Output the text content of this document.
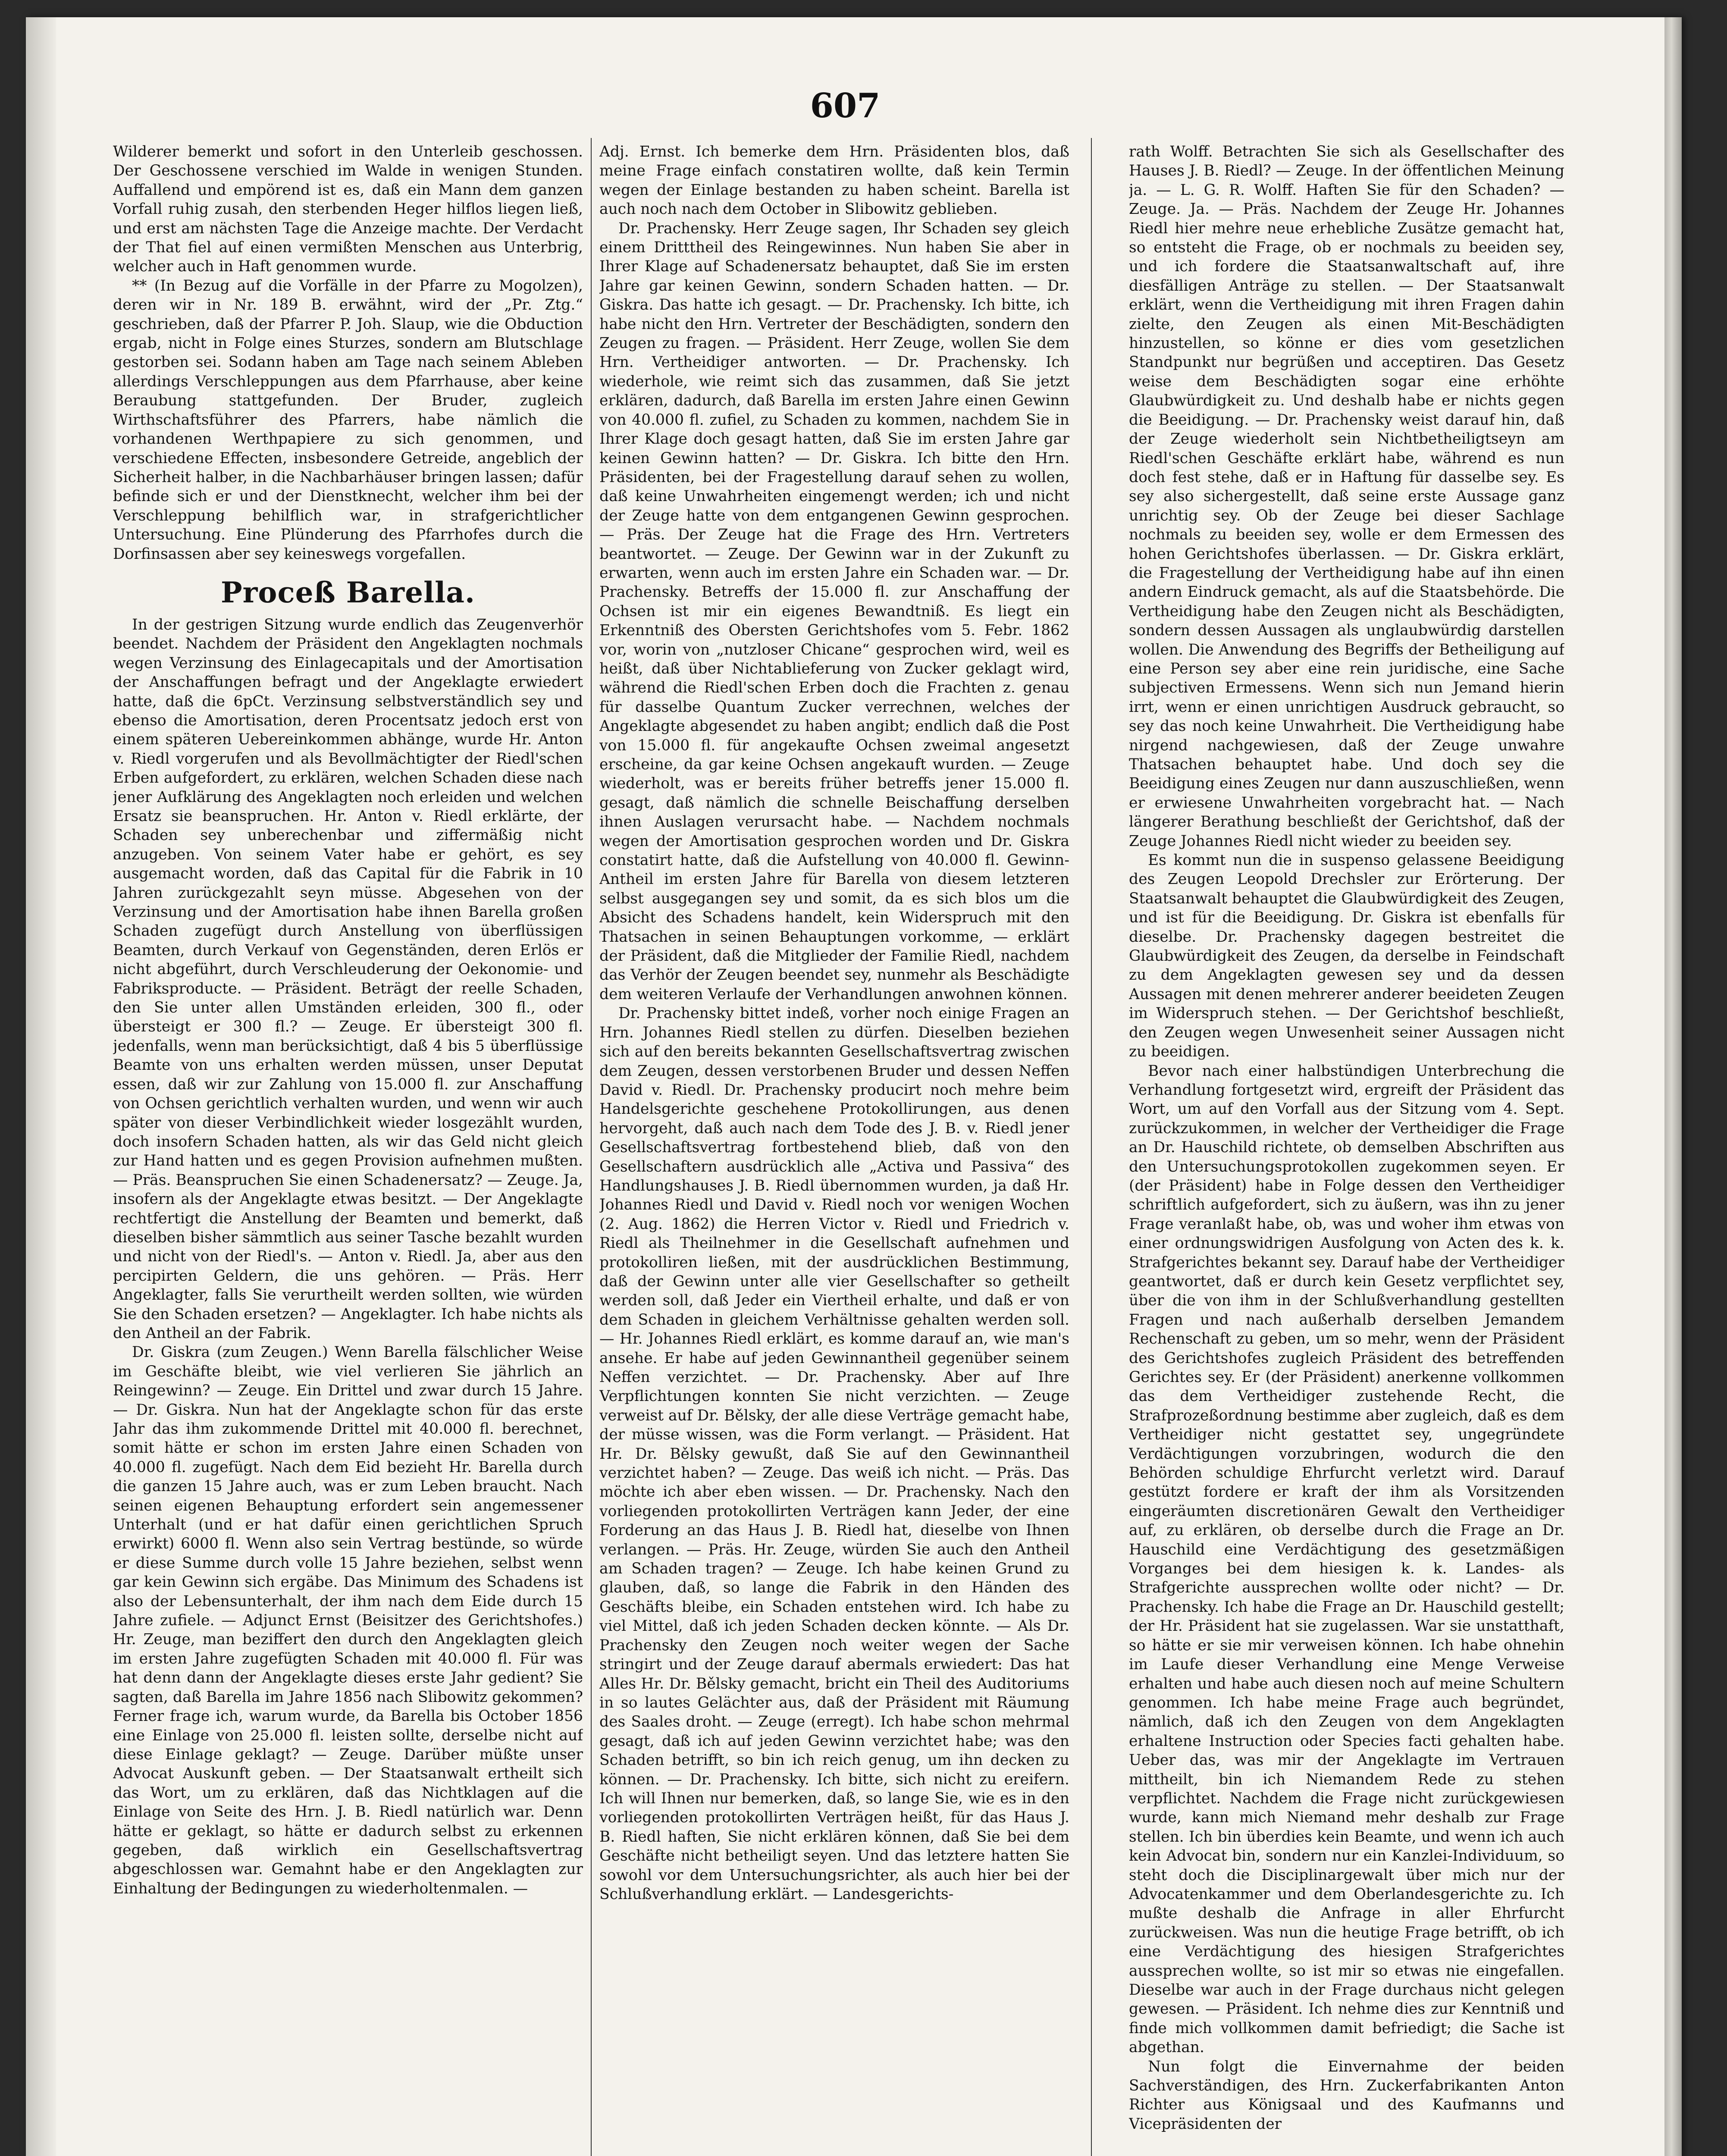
607

Wilderer bemerkt und sofort in den Unterleib geschossen. Der Geschossene verschied im Walde in wenigen Stunden. Auffallend und empörend ist es, daß ein Mann dem ganzen Vorfall ruhig zusah, den sterbenden Heger hilflos liegen ließ, und erst am nächsten Tage die Anzeige machte. Der Verdacht der That fiel auf einen vermißten Menschen aus Unterbrig, welcher auch in Haft genommen wurde.

** (In Bezug auf die Vorfälle in der Pfarre zu Mogolzen), deren wir in Nr. 189 B. erwähnt, wird der „Pr. Ztg.“ geschrieben, daß der Pfarrer P. Joh. Slaup, wie die Obduction ergab, nicht in Folge eines Sturzes, sondern am Blutschlage gestorben sei. Sodann haben am Tage nach seinem Ableben allerdings Verschleppungen aus dem Pfarrhause, aber keine Beraubung stattgefunden. Der Bruder, zugleich Wirthschaftsführer des Pfarrers, habe nämlich die vorhandenen Werthpapiere zu sich genommen, und verschiedene Effecten, insbesondere Getreide, angeblich der Sicherheit halber, in die Nachbarhäuser bringen lassen; dafür befinde sich er und der Dienstknecht, welcher ihm bei der Verschleppung behilflich war, in strafgerichtlicher Untersuchung. Eine Plünderung des Pfarrhofes durch die Dorfinsassen aber sey keineswegs vorgefallen.

Proceß Barella.

In der gestrigen Sitzung wurde endlich das Zeugenverhör beendet. Nachdem der Präsident den Angeklagten nochmals wegen Verzinsung des Einlagecapitals und der Amortisation der Anschaffungen befragt und der Angeklagte erwiedert hatte, daß die 6pCt. Verzinsung selbstverständlich sey und ebenso die Amortisation, deren Procentsatz jedoch erst von einem späteren Uebereinkommen abhänge, wurde Hr. Anton v. Riedl vorgerufen und als Bevollmächtigter der Riedl'schen Erben aufgefordert, zu erklären, welchen Schaden diese nach jener Aufklärung des Angeklagten noch erleiden und welchen Ersatz sie beanspruchen. Hr. Anton v. Riedl erklärte, der Schaden sey unberechenbar und ziffermäßig nicht anzugeben. Von seinem Vater habe er gehört, es sey ausgemacht worden, daß das Capital für die Fabrik in 10 Jahren zurückgezahlt seyn müsse. Abgesehen von der Verzinsung und der Amortisation habe ihnen Barella großen Schaden zugefügt durch Anstellung von überflüssigen Beamten, durch Verkauf von Gegenständen, deren Erlös er nicht abgeführt, durch Verschleuderung der Oekonomie- und Fabriksproducte. — Präsident. Beträgt der reelle Schaden, den Sie unter allen Umständen erleiden, 300 fl., oder übersteigt er 300 fl.? — Zeuge. Er übersteigt 300 fl. jedenfalls, wenn man berücksichtigt, daß 4 bis 5 überflüssige Beamte von uns erhalten werden müssen, unser Deputat essen, daß wir zur Zahlung von 15.000 fl. zur Anschaffung von Ochsen gerichtlich verhalten wurden, und wenn wir auch später von dieser Verbindlichkeit wieder losgezählt wurden, doch insofern Schaden hatten, als wir das Geld nicht gleich zur Hand hatten und es gegen Provision aufnehmen mußten. — Präs. Beanspruchen Sie einen Schadenersatz? — Zeuge. Ja, insofern als der Angeklagte etwas besitzt. — Der Angeklagte rechtfertigt die Anstellung der Beamten und bemerkt, daß dieselben bisher sämmtlich aus seiner Tasche bezahlt wurden und nicht von der Riedl's. — Anton v. Riedl. Ja, aber aus den percipirten Geldern, die uns gehören. — Präs. Herr Angeklagter, falls Sie verurtheilt werden sollten, wie würden Sie den Schaden ersetzen? — Angeklagter. Ich habe nichts als den Antheil an der Fabrik.

Dr. Giskra (zum Zeugen.) Wenn Barella fälschlicher Weise im Geschäfte bleibt, wie viel verlieren Sie jährlich an Reingewinn? — Zeuge. Ein Drittel und zwar durch 15 Jahre. — Dr. Giskra. Nun hat der Angeklagte schon für das erste Jahr das ihm zukommende Drittel mit 40.000 fl. berechnet, somit hätte er schon im ersten Jahre einen Schaden von 40.000 fl. zugefügt. Nach dem Eid bezieht Hr. Barella durch die ganzen 15 Jahre auch, was er zum Leben braucht. Nach seinen eigenen Behauptung erfordert sein angemessener Unterhalt (und er hat dafür einen gerichtlichen Spruch erwirkt) 6000 fl. Wenn also sein Vertrag bestünde, so würde er diese Summe durch volle 15 Jahre beziehen, selbst wenn gar kein Gewinn sich ergäbe. Das Minimum des Schadens ist also der Lebensunterhalt, der ihm nach dem Eide durch 15 Jahre zufiele. — Adjunct Ernst (Beisitzer des Gerichtshofes.) Hr. Zeuge, man beziffert den durch den Angeklagten gleich im ersten Jahre zugefügten Schaden mit 40.000 fl. Für was hat denn dann der Angeklagte dieses erste Jahr gedient? Sie sagten, daß Barella im Jahre 1856 nach Slibowitz gekommen? Ferner frage ich, warum wurde, da Barella bis October 1856 eine Einlage von 25.000 fl. leisten sollte, derselbe nicht auf diese Einlage geklagt? — Zeuge. Darüber müßte unser Advocat Auskunft geben. — Der Staatsanwalt ertheilt sich das Wort, um zu erklären, daß das Nichtklagen auf die Einlage von Seite des Hrn. J. B. Riedl natürlich war. Denn hätte er geklagt, so hätte er dadurch selbst zu erkennen gegeben, daß wirklich ein Gesellschaftsvertrag abgeschlossen war. Gemahnt habe er den Angeklagten zur Einhaltung der Bedingungen zu wiederholtenmalen. —

Adj. Ernst. Ich bemerke dem Hrn. Präsidenten blos, daß meine Frage einfach constatiren wollte, daß kein Termin wegen der Einlage bestanden zu haben scheint. Barella ist auch noch nach dem October in Slibowitz geblieben.

Dr. Prachensky. Herr Zeuge sagen, Ihr Schaden sey gleich einem Dritttheil des Reingewinnes. Nun haben Sie aber in Ihrer Klage auf Schadenersatz behauptet, daß Sie im ersten Jahre gar keinen Gewinn, sondern Schaden hatten. — Dr. Giskra. Das hatte ich gesagt. — Dr. Prachensky. Ich bitte, ich habe nicht den Hrn. Vertreter der Beschädigten, sondern den Zeugen zu fragen. — Präsident. Herr Zeuge, wollen Sie dem Hrn. Vertheidiger antworten. — Dr. Prachensky. Ich wiederhole, wie reimt sich das zusammen, daß Sie jetzt erklären, dadurch, daß Barella im ersten Jahre einen Gewinn von 40.000 fl. zufiel, zu Schaden zu kommen, nachdem Sie in Ihrer Klage doch gesagt hatten, daß Sie im ersten Jahre gar keinen Gewinn hatten? — Dr. Giskra. Ich bitte den Hrn. Präsidenten, bei der Fragestellung darauf sehen zu wollen, daß keine Unwahrheiten eingemengt werden; ich und nicht der Zeuge hatte von dem entgangenen Gewinn gesprochen. — Präs. Der Zeuge hat die Frage des Hrn. Vertreters beantwortet. — Zeuge. Der Gewinn war in der Zukunft zu erwarten, wenn auch im ersten Jahre ein Schaden war. — Dr. Prachensky. Betreffs der 15.000 fl. zur Anschaffung der Ochsen ist mir ein eigenes Bewandtniß. Es liegt ein Erkenntniß des Obersten Gerichtshofes vom 5. Febr. 1862 vor, worin von „nutzloser Chicane“ gesprochen wird, weil es heißt, daß über Nichtablieferung von Zucker geklagt wird, während die Riedl'schen Erben doch die Frachten z. genau für dasselbe Quantum Zucker verrechnen, welches der Angeklagte abgesendet zu haben angibt; endlich daß die Post von 15.000 fl. für angekaufte Ochsen zweimal angesetzt erscheine, da gar keine Ochsen angekauft wurden. — Zeuge wiederholt, was er bereits früher betreffs jener 15.000 fl. gesagt, daß nämlich die schnelle Beischaffung derselben ihnen Auslagen verursacht habe. — Nachdem nochmals wegen der Amortisation gesprochen worden und Dr. Giskra constatirt hatte, daß die Aufstellung von 40.000 fl. Gewinn-Antheil im ersten Jahre für Barella von diesem letzteren selbst ausgegangen sey und somit, da es sich blos um die Absicht des Schadens handelt, kein Widerspruch mit den Thatsachen in seinen Behauptungen vorkomme, — erklärt der Präsident, daß die Mitglieder der Familie Riedl, nachdem das Verhör der Zeugen beendet sey, nunmehr als Beschädigte dem weiteren Verlaufe der Verhandlungen anwohnen können.

Dr. Prachensky bittet indeß, vorher noch einige Fragen an Hrn. Johannes Riedl stellen zu dürfen. Dieselben beziehen sich auf den bereits bekannten Gesellschaftsvertrag zwischen dem Zeugen, dessen verstorbenen Bruder und dessen Neffen David v. Riedl. Dr. Prachensky producirt noch mehre beim Handelsgerichte geschehene Protokollirungen, aus denen hervorgeht, daß auch nach dem Tode des J. B. v. Riedl jener Gesellschaftsvertrag fortbestehend blieb, daß von den Gesellschaftern ausdrücklich alle „Activa und Passiva“ des Handlungshauses J. B. Riedl übernommen wurden, ja daß Hr. Johannes Riedl und David v. Riedl noch vor wenigen Wochen (2. Aug. 1862) die Herren Victor v. Riedl und Friedrich v. Riedl als Theilnehmer in die Gesellschaft aufnehmen und protokolliren ließen, mit der ausdrücklichen Bestimmung, daß der Gewinn unter alle vier Gesellschafter so getheilt werden soll, daß Jeder ein Viertheil erhalte, und daß er von dem Schaden in gleichem Verhältnisse gehalten werden soll. — Hr. Johannes Riedl erklärt, es komme darauf an, wie man's ansehe. Er habe auf jeden Gewinnantheil gegenüber seinem Neffen verzichtet. — Dr. Prachensky. Aber auf Ihre Verpflichtungen konnten Sie nicht verzichten. — Zeuge verweist auf Dr. Bělsky, der alle diese Verträge gemacht habe, der müsse wissen, was die Form verlangt. — Präsident. Hat Hr. Dr. Bělsky gewußt, daß Sie auf den Gewinnantheil verzichtet haben? — Zeuge. Das weiß ich nicht. — Präs. Das möchte ich aber eben wissen. — Dr. Prachensky. Nach den vorliegenden protokollirten Verträgen kann Jeder, der eine Forderung an das Haus J. B. Riedl hat, dieselbe von Ihnen verlangen. — Präs. Hr. Zeuge, würden Sie auch den Antheil am Schaden tragen? — Zeuge. Ich habe keinen Grund zu glauben, daß, so lange die Fabrik in den Händen des Geschäfts bleibe, ein Schaden entstehen wird. Ich habe zu viel Mittel, daß ich jeden Schaden decken könnte. — Als Dr. Prachensky den Zeugen noch weiter wegen der Sache stringirt und der Zeuge darauf abermals erwiedert: Das hat Alles Hr. Dr. Bělsky gemacht, bricht ein Theil des Auditoriums in so lautes Gelächter aus, daß der Präsident mit Räumung des Saales droht. — Zeuge (erregt). Ich habe schon mehrmal gesagt, daß ich auf jeden Gewinn verzichtet habe; was den Schaden betrifft, so bin ich reich genug, um ihn decken zu können. — Dr. Prachensky. Ich bitte, sich nicht zu ereifern. Ich will Ihnen nur bemerken, daß, so lange Sie, wie es in den vorliegenden protokollirten Verträgen heißt, für das Haus J. B. Riedl haften, Sie nicht erklären können, daß Sie bei dem Geschäfte nicht betheiligt seyen. Und das letztere hatten Sie sowohl vor dem Untersuchungsrichter, als auch hier bei der Schlußverhandlung erklärt. — Landesgerichts-

rath Wolff. Betrachten Sie sich als Gesellschafter des Hauses J. B. Riedl? — Zeuge. In der öffentlichen Meinung ja. — L. G. R. Wolff. Haften Sie für den Schaden? — Zeuge. Ja. — Präs. Nachdem der Zeuge Hr. Johannes Riedl hier mehre neue erhebliche Zusätze gemacht hat, so entsteht die Frage, ob er nochmals zu beeiden sey, und ich fordere die Staatsanwaltschaft auf, ihre diesfälligen Anträge zu stellen. — Der Staatsanwalt erklärt, wenn die Vertheidigung mit ihren Fragen dahin zielte, den Zeugen als einen Mit-Beschädigten hinzustellen, so könne er dies vom gesetzlichen Standpunkt nur begrüßen und acceptiren. Das Gesetz weise dem Beschädigten sogar eine erhöhte Glaubwürdigkeit zu. Und deshalb habe er nichts gegen die Beeidigung. — Dr. Prachensky weist darauf hin, daß der Zeuge wiederholt sein Nichtbetheiligtseyn am Riedl'schen Geschäfte erklärt habe, während es nun doch fest stehe, daß er in Haftung für dasselbe sey. Es sey also sichergestellt, daß seine erste Aussage ganz unrichtig sey. Ob der Zeuge bei dieser Sachlage nochmals zu beeiden sey, wolle er dem Ermessen des hohen Gerichtshofes überlassen. — Dr. Giskra erklärt, die Fragestellung der Vertheidigung habe auf ihn einen andern Eindruck gemacht, als auf die Staatsbehörde. Die Vertheidigung habe den Zeugen nicht als Beschädigten, sondern dessen Aussagen als unglaubwürdig darstellen wollen. Die Anwendung des Begriffs der Betheiligung auf eine Person sey aber eine rein juridische, eine Sache subjectiven Ermessens. Wenn sich nun Jemand hierin irrt, wenn er einen unrichtigen Ausdruck gebraucht, so sey das noch keine Unwahrheit. Die Vertheidigung habe nirgend nachgewiesen, daß der Zeuge unwahre Thatsachen behauptet habe. Und doch sey die Beeidigung eines Zeugen nur dann auszuschließen, wenn er erwiesene Unwahrheiten vorgebracht hat. — Nach längerer Berathung beschließt der Gerichtshof, daß der Zeuge Johannes Riedl nicht wieder zu beeiden sey.

Es kommt nun die in suspenso gelassene Beeidigung des Zeugen Leopold Drechsler zur Erörterung. Der Staatsanwalt behauptet die Glaubwürdigkeit des Zeugen, und ist für die Beeidigung. Dr. Giskra ist ebenfalls für dieselbe. Dr. Prachensky dagegen bestreitet die Glaubwürdigkeit des Zeugen, da derselbe in Feindschaft zu dem Angeklagten gewesen sey und da dessen Aussagen mit denen mehrerer anderer beeideten Zeugen im Widerspruch stehen. — Der Gerichtshof beschließt, den Zeugen wegen Unwesenheit seiner Aussagen nicht zu beeidigen.

Bevor nach einer halbstündigen Unterbrechung die Verhandlung fortgesetzt wird, ergreift der Präsident das Wort, um auf den Vorfall aus der Sitzung vom 4. Sept. zurückzukommen, in welcher der Vertheidiger die Frage an Dr. Hauschild richtete, ob demselben Abschriften aus den Untersuchungsprotokollen zugekommen seyen. Er (der Präsident) habe in Folge dessen den Vertheidiger schriftlich aufgefordert, sich zu äußern, was ihn zu jener Frage veranlaßt habe, ob, was und woher ihm etwas von einer ordnungswidrigen Ausfolgung von Acten des k. k. Strafgerichtes bekannt sey. Darauf habe der Vertheidiger geantwortet, daß er durch kein Gesetz verpflichtet sey, über die von ihm in der Schlußverhandlung gestellten Fragen und nach außerhalb derselben Jemandem Rechenschaft zu geben, um so mehr, wenn der Präsident des Gerichtshofes zugleich Präsident des betreffenden Gerichtes sey. Er (der Präsident) anerkenne vollkommen das dem Vertheidiger zustehende Recht, die Strafprozeßordnung bestimme aber zugleich, daß es dem Vertheidiger nicht gestattet sey, ungegründete Verdächtigungen vorzubringen, wodurch die den Behörden schuldige Ehrfurcht verletzt wird. Darauf gestützt fordere er kraft der ihm als Vorsitzenden eingeräumten discretionären Gewalt den Vertheidiger auf, zu erklären, ob derselbe durch die Frage an Dr. Hauschild eine Verdächtigung des gesetzmäßigen Vorganges bei dem hiesigen k. k. Landes- als Strafgerichte aussprechen wollte oder nicht? — Dr. Prachensky. Ich habe die Frage an Dr. Hauschild gestellt; der Hr. Präsident hat sie zugelassen. War sie unstatthaft, so hätte er sie mir verweisen können. Ich habe ohnehin im Laufe dieser Verhandlung eine Menge Verweise erhalten und habe auch diesen noch auf meine Schultern genommen. Ich habe meine Frage auch begründet, nämlich, daß ich den Zeugen von dem Angeklagten erhaltene Instruction oder Species facti gehalten habe. Ueber das, was mir der Angeklagte im Vertrauen mittheilt, bin ich Niemandem Rede zu stehen verpflichtet. Nachdem die Frage nicht zurückgewiesen wurde, kann mich Niemand mehr deshalb zur Frage stellen. Ich bin überdies kein Beamte, und wenn ich auch kein Advocat bin, sondern nur ein Kanzlei-Individuum, so steht doch die Disciplinargewalt über mich nur der Advocatenkammer und dem Oberlandesgerichte zu. Ich mußte deshalb die Anfrage in aller Ehrfurcht zurückweisen. Was nun die heutige Frage betrifft, ob ich eine Verdächtigung des hiesigen Strafgerichtes aussprechen wollte, so ist mir so etwas nie eingefallen. Dieselbe war auch in der Frage durchaus nicht gelegen gewesen. — Präsident. Ich nehme dies zur Kenntniß und finde mich vollkommen damit befriedigt; die Sache ist abgethan.

Nun folgt die Einvernahme der beiden Sachverständigen, des Hrn. Zuckerfabrikanten Anton Richter aus Königsaal und des Kaufmanns und Vicepräsidenten der
